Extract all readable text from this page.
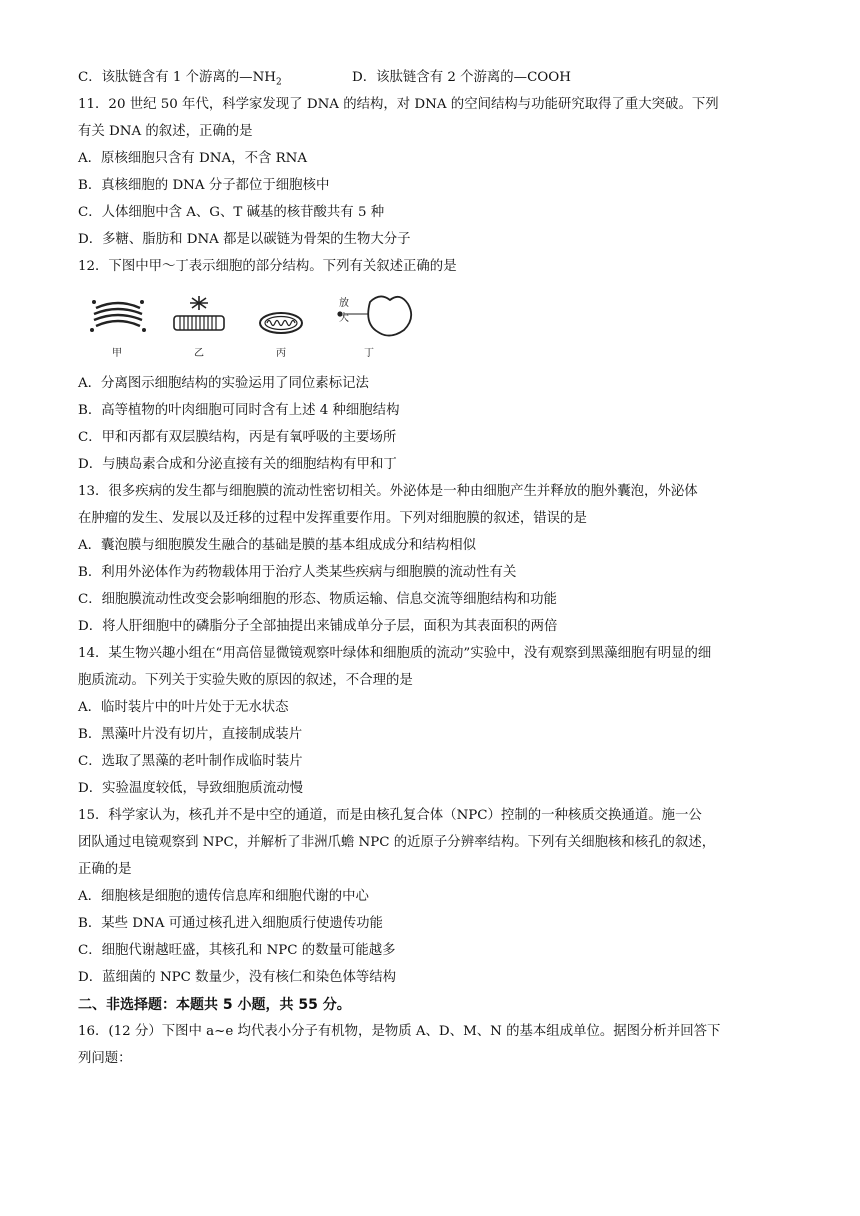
C．该肽链含有 1 个游离的$—NH_2$	D．该肽链含有 2 个游离的—COOH
11．20 世纪 50 年代，科学家发现了 DNA 的结构，对 DNA 的空间结构与功能研究取得了重大突破。下列
有关 DNA 的叙述，正确的是
A．原核细胞只含有 DNA，不含 RNA
B．真核细胞的 DNA 分子都位于细胞核中
C．人体细胞中含 A、G、T 碱基的核苷酸共有 5 种
D．多糖、脂肪和 DNA 都是以碳链为骨架的生物大分子
12．下图中甲～丁表示细胞的部分结构。下列有关叙述正确的是
放
大
甲	乙	丙	丁
A．分离图示细胞结构的实验运用了同位素标记法
B．高等植物的叶肉细胞可同时含有上述 4 种细胞结构
C．甲和丙都有双层膜结构，丙是有氧呼吸的主要场所
D．与胰岛素合成和分泌直接有关的细胞结构有甲和丁
13．很多疾病的发生都与细胞膜的流动性密切相关。外泌体是一种由细胞产生并释放的胞外囊泡，外泌体
在肿瘤的发生、发展以及迁移的过程中发挥重要作用。下列对细胞膜的叙述，错误的是
A．囊泡膜与细胞膜发生融合的基础是膜的基本组成成分和结构相似
B．利用外泌体作为药物载体用于治疗人类某些疾病与细胞膜的流动性有关
C．细胞膜流动性改变会影响细胞的形态、物质运输、信息交流等细胞结构和功能
D．将人肝细胞中的磷脂分子全部抽提出来铺成单分子层，面积为其表面积的两倍
14．某生物兴趣小组在“用高倍显微镜观察叶绿体和细胞质的流动”实验中，没有观察到黑藻细胞有明显的细
胞质流动。下列关于实验失败的原因的叙述，不合理的是
A．临时装片中的叶片处于无水状态
B．黑藻叶片没有切片，直接制成装片
C．选取了黑藻的老叶制作成临时装片
D．实验温度较低，导致细胞质流动慢
15．科学家认为，核孔并不是中空的通道，而是由核孔复合体（NPC）控制的一种核质交换通道。施一公
团队通过电镜观察到 NPC，并解析了非洲爪蟾 NPC 的近原子分辨率结构。下列有关细胞核和核孔的叙述，
正确的是
A．细胞核是细胞的遗传信息库和细胞代谢的中心
B．某些 DNA 可通过核孔进入细胞质行使遗传功能
C．细胞代谢越旺盛，其核孔和 NPC 的数量可能越多
D．蓝细菌的 NPC 数量少，没有核仁和染色体等结构
二、非选择题：本题共 5 小题，共 55 分。
16．(12 分）下图中 a~e 均代表小分子有机物，是物质 A、D、M、N 的基本组成单位。据图分析并回答下
列问题：
